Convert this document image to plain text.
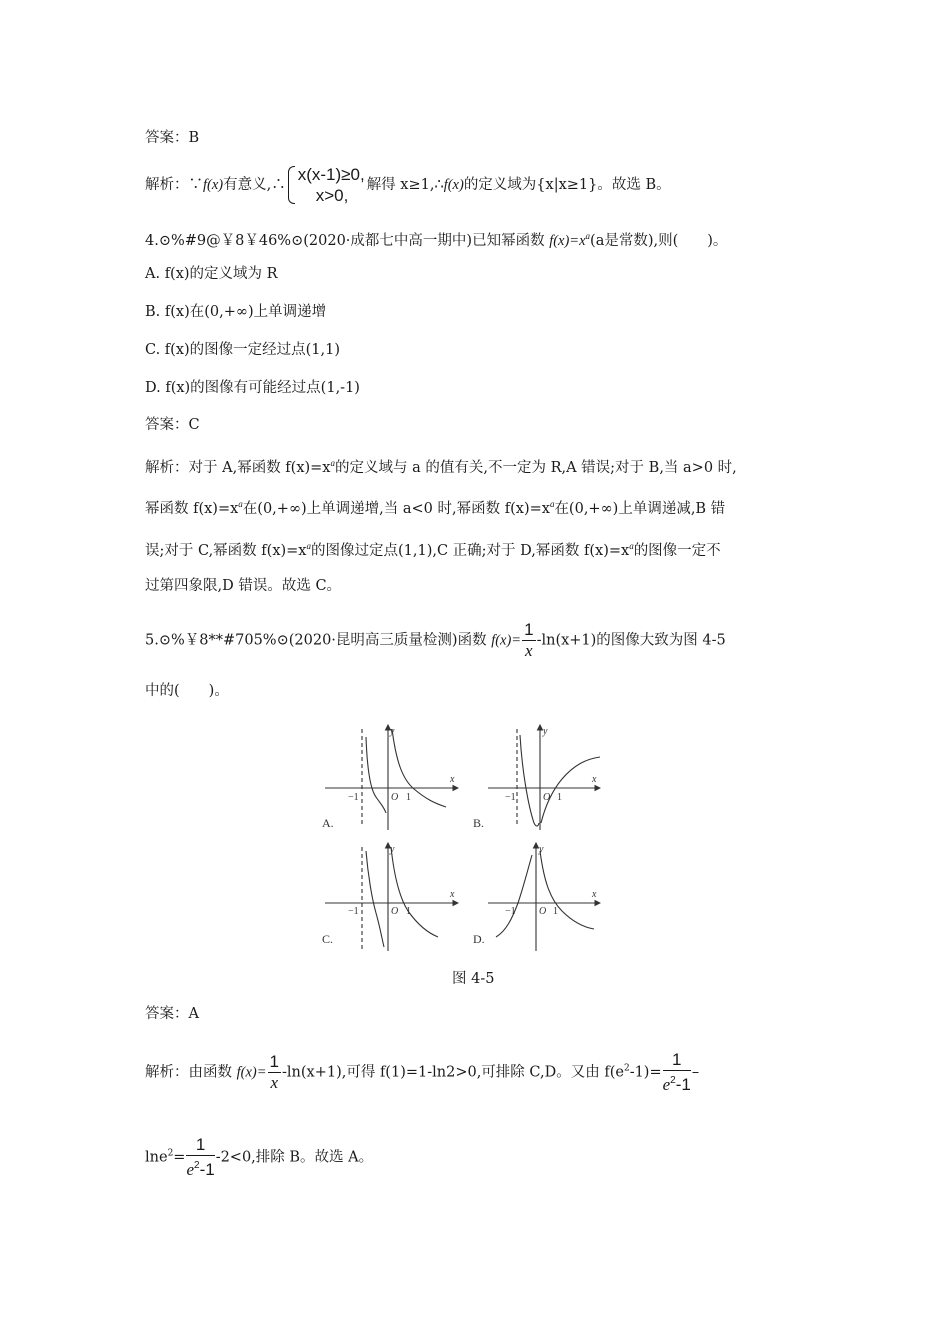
答案：B
解析：∵f(x)有意义,∴
x(x-1)≥0,
x>0,
解得 x≥1,∴f(x)的定义域为{x|x≥1}。故选 B。
4.⊙%#9@￥8￥46%⊙(2020·成都七中高一期中)已知幂函数 $f(x)=x^a(a$是常数),则(　　)。
A. f(x)的定义域为 R
B. f(x)在(0,+∞)上单调递增
C. f(x)的图像一定经过点(1,1)
D. f(x)的图像有可能经过点(1,-1)
答案：C
解析：对于 A,幂函数 $f(x)=x^a$的定义域与 a 的值有关,不一定为 R,A 错误;对于 B,当 a>0 时,
幂函数 $f(x)=x^a$在(0,+∞)上单调递增,当 a<0 时,幂函数 $f(x)=x^a$在(0,+∞)上单调递减,B 错
误;对于 C,幂函数 $f(x)=x^a$的图像过定点(1,1),C 正确;对于 D,幂函数 $f(x)=x^a$的图像一定不
过第四象限,D 错误。故选 C。
5.⊙%￥8**#705%⊙(2020·昆明高三质量检测)函数 $f(x)= \frac{1}{x} -\ln(x+1)$的图像大致为图 4-5
中的(　　)。
y
x
−1	O 1
A.
y
x
−1	O 1
B.
y
x
−1	O 1
C.
y
x
−1 O 1
D.
图 4-5
答案：A
解析：由函数 $f(x)= \frac{1}{x} -\ln(x+1)$,可得 f(1)=1-ln2>0,可排除 C,D。又由 $f(e^2-1)= \frac{1}{e^2-1}$ –
$\ln e^2= \frac{1}{e^2-1} -2<0$,排除 B。故选 A。
